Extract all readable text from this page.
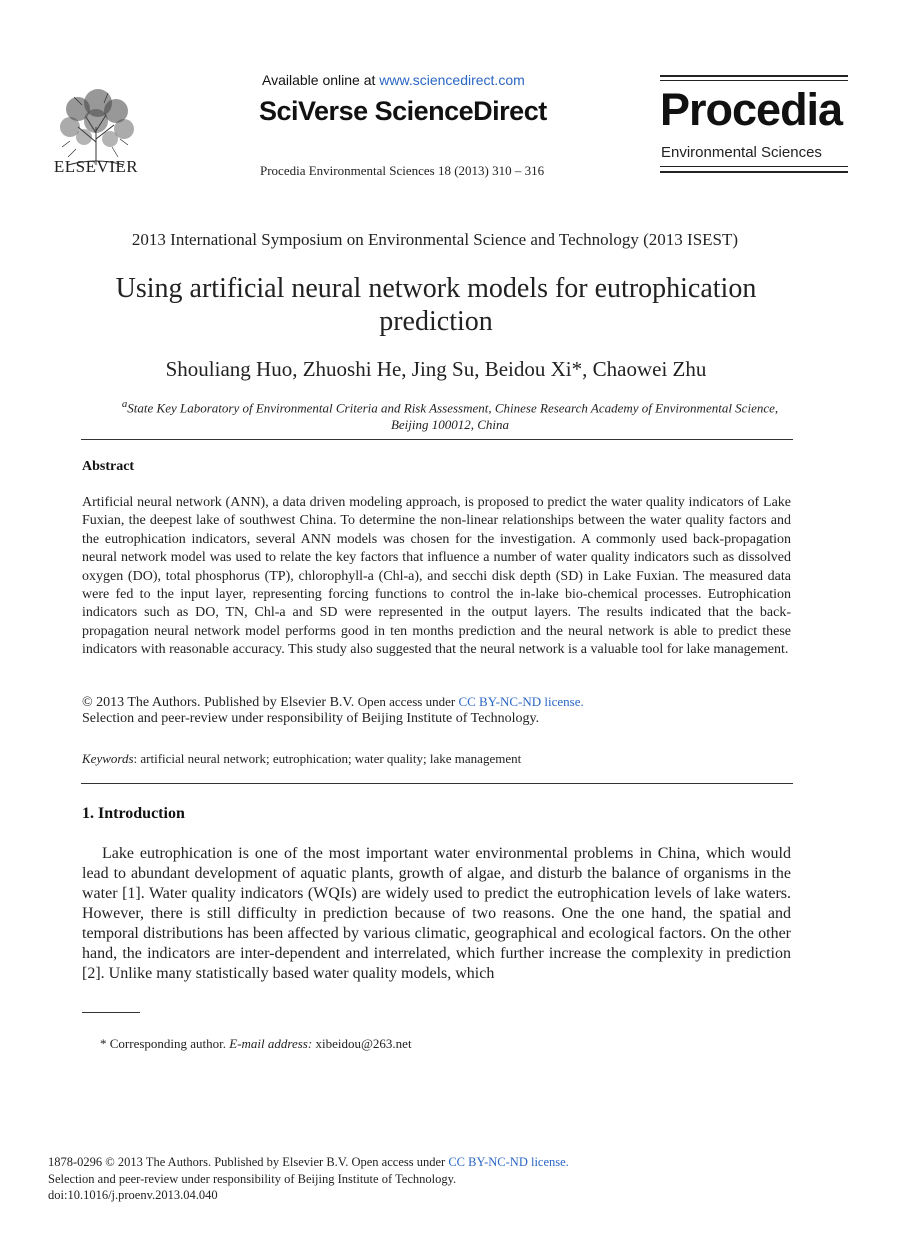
ELSEVIER
Available online at www.sciencedirect.com
SciVerse ScienceDirect
Procedia Environmental Sciences 18 (2013) 310 – 316
Procedia
Environmental Sciences
2013 International Symposium on Environmental Science and Technology (2013 ISEST)
Using artificial neural network models for eutrophication prediction
Shouliang Huo, Zhuoshi He, Jing Su, Beidou Xi*, Chaowei Zhu
$^a$State Key Laboratory of Environmental Criteria and Risk Assessment, Chinese Research Academy of Environmental Science, Beijing 100012, China
Abstract
Artificial neural network (ANN), a data driven modeling approach, is proposed to predict the water quality indicators of Lake Fuxian, the deepest lake of southwest China. To determine the non-linear relationships between the water quality factors and the eutrophication indicators, several ANN models was chosen for the investigation. A commonly used back-propagation neural network model was used to relate the key factors that influence a number of water quality indicators such as dissolved oxygen (DO), total phosphorus (TP), chlorophyll-a (Chl-a), and secchi disk depth (SD) in Lake Fuxian. The measured data were fed to the input layer, representing forcing functions to control the in-lake bio-chemical processes. Eutrophication indicators such as DO, TN, Chl-a and SD were represented in the output layers. The results indicated that the back-propagation neural network model performs good in ten months prediction and the neural network is able to predict these indicators with reasonable accuracy. This study also suggested that the neural network is a valuable tool for lake management.
© 2013 The Authors. Published by Elsevier B.V. Open access under CC BY-NC-ND license.
Selection and peer-review under responsibility of Beijing Institute of Technology.
Keywords: artificial neural network; eutrophication; water quality; lake management
1. Introduction
Lake eutrophication is one of the most important water environmental problems in China, which would lead to abundant development of aquatic plants, growth of algae, and disturb the balance of organisms in the water [1]. Water quality indicators (WQIs) are widely used to predict the eutrophication levels of lake waters. However, there is still difficulty in prediction because of two reasons. One the one hand, the spatial and temporal distributions has been affected by various climatic, geographical and ecological factors. On the other hand, the indicators are inter-dependent and interrelated, which further increase the complexity in prediction [2]. Unlike many statistically based water quality models, which
* Corresponding author. E-mail address: xibeidou@263.net
1878-0296 © 2013 The Authors. Published by Elsevier B.V. Open access under CC BY-NC-ND license.
Selection and peer-review under responsibility of Beijing Institute of Technology.
doi:10.1016/j.proenv.2013.04.040
